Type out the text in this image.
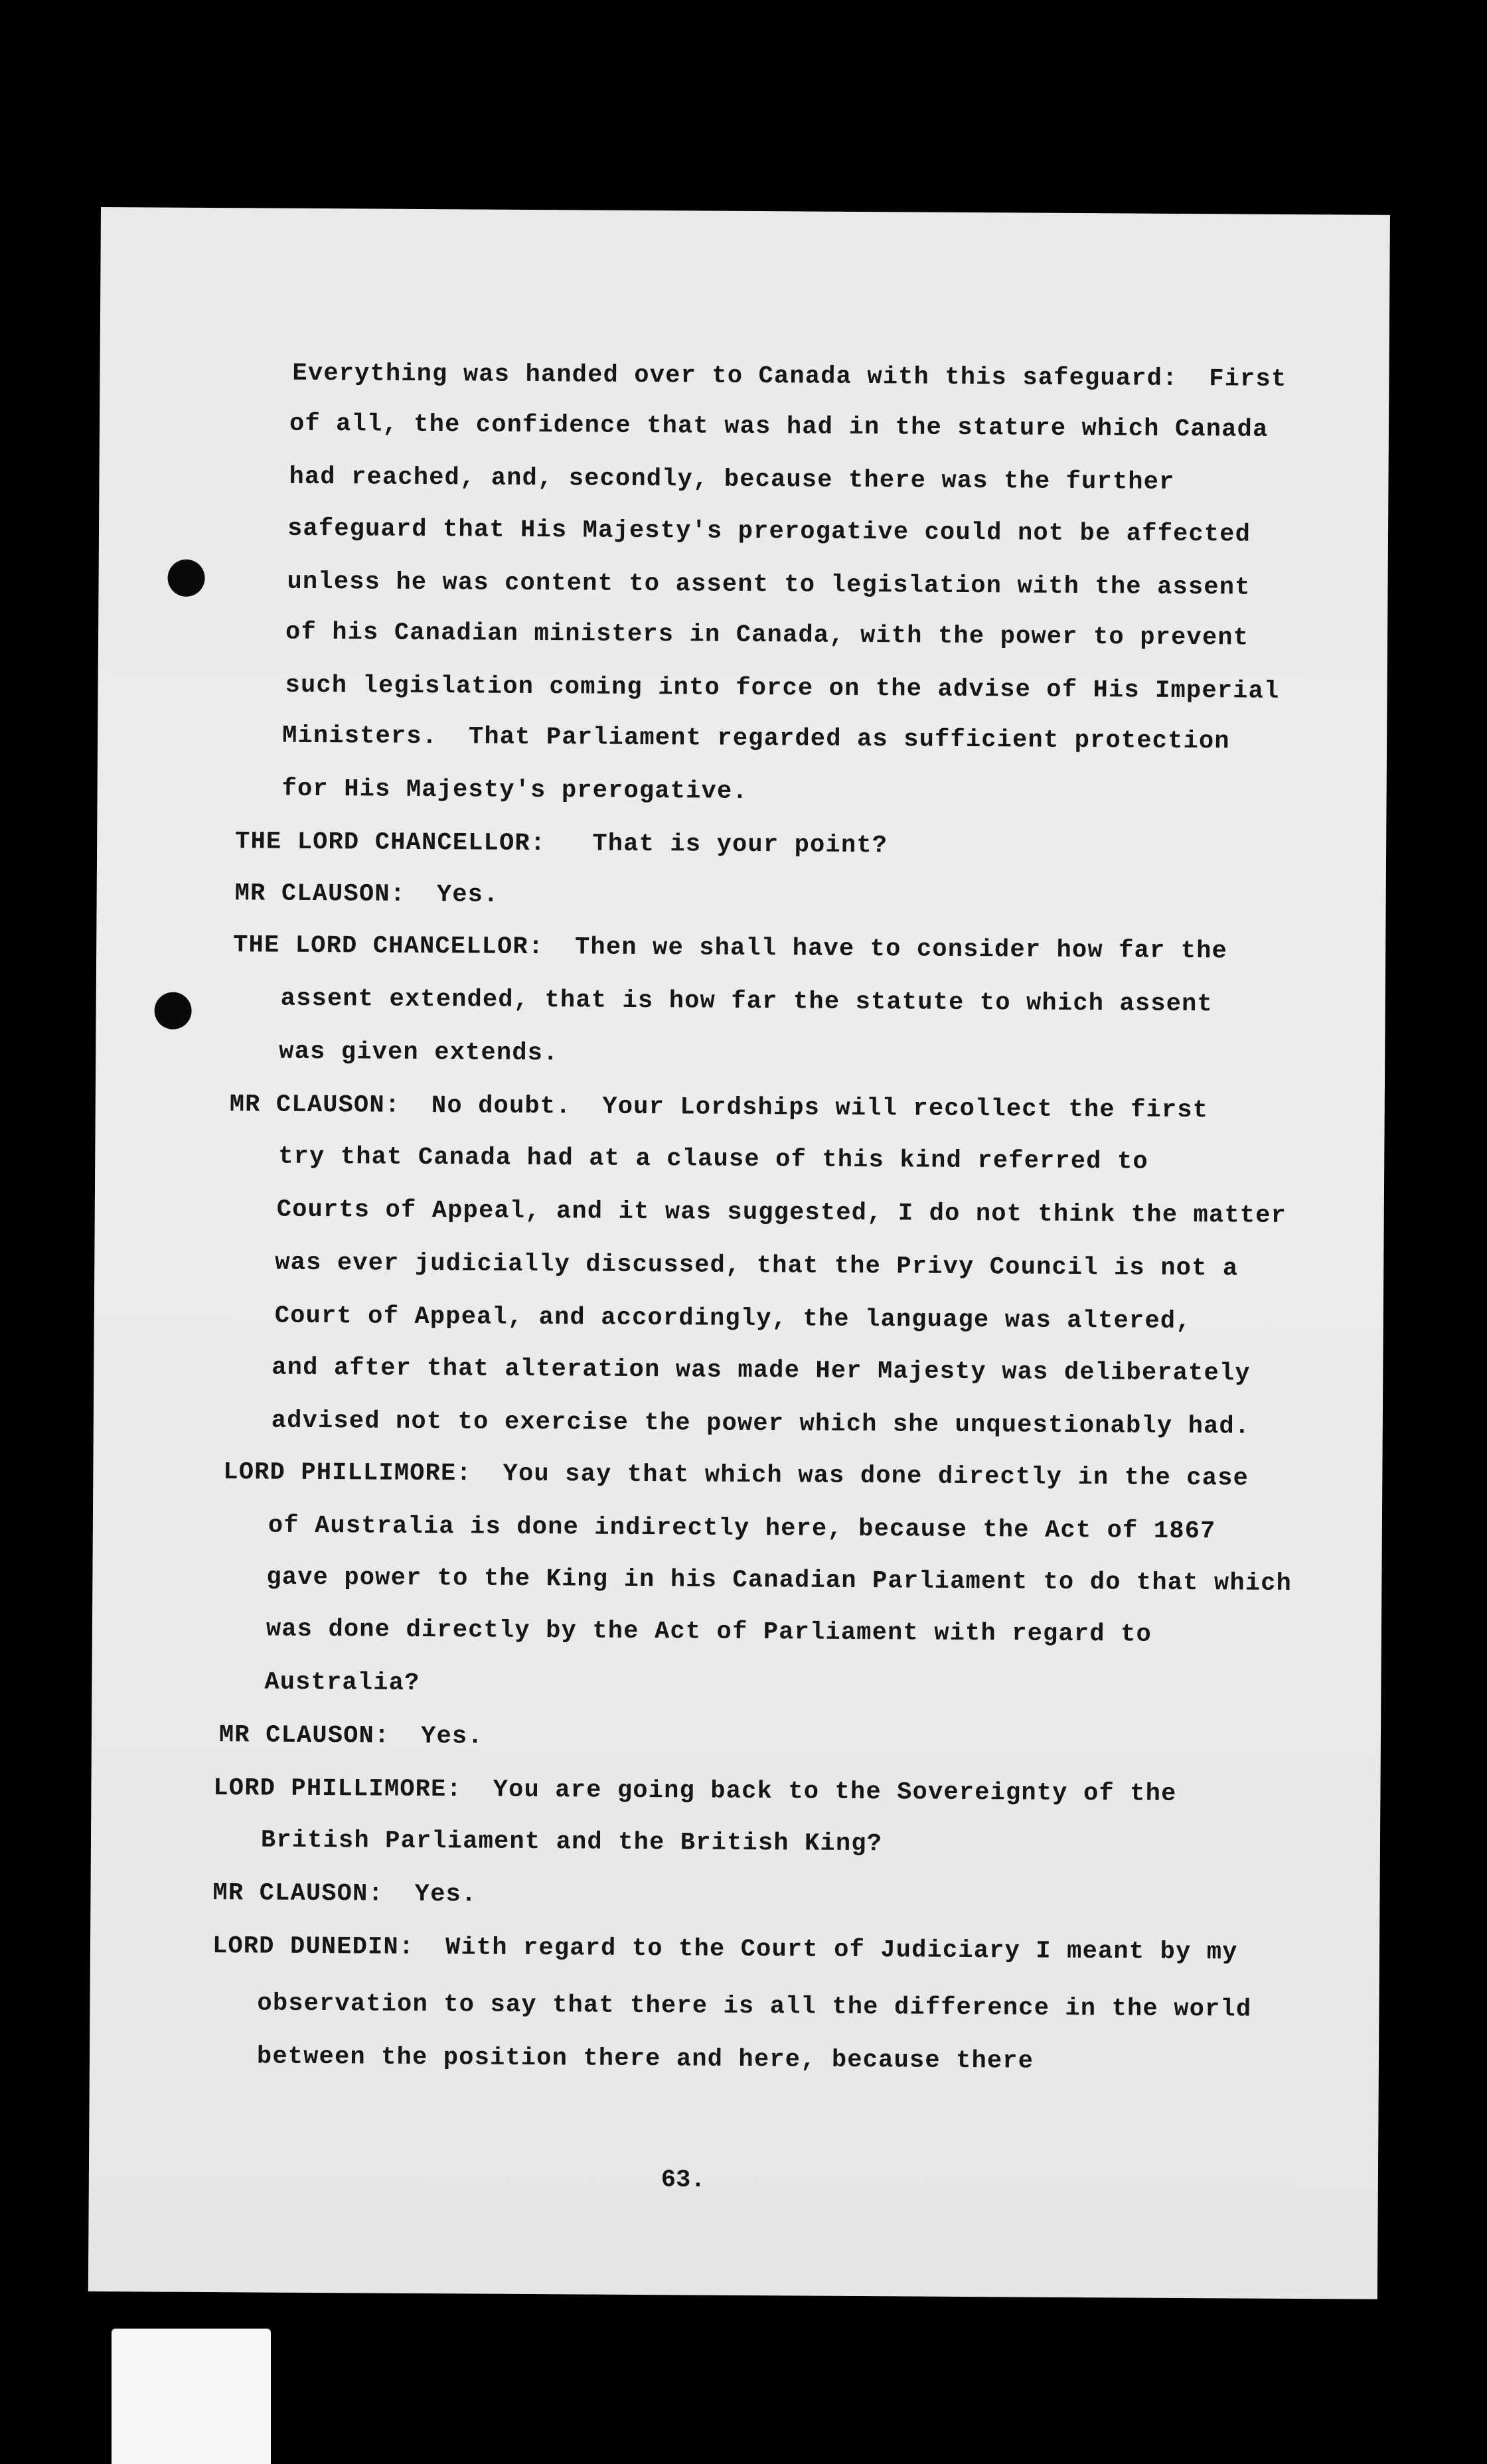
Everything was handed over to Canada with this safeguard:  First
of all, the confidence that was had in the stature which Canada
had reached, and, secondly, because there was the further
safeguard that His Majesty's prerogative could not be affected
unless he was content to assent to legislation with the assent
of his Canadian ministers in Canada, with the power to prevent
such legislation coming into force on the advise of His Imperial
Ministers.  That Parliament regarded as sufficient protection
for His Majesty's prerogative.
THE LORD CHANCELLOR:   That is your point?
MR CLAUSON:  Yes.
THE LORD CHANCELLOR:  Then we shall have to consider how far the
assent extended, that is how far the statute to which assent
was given extends.
MR CLAUSON:  No doubt.  Your Lordships will recollect the first
try that Canada had at a clause of this kind referred to
Courts of Appeal, and it was suggested, I do not think the matter
was ever judicially discussed, that the Privy Council is not a
Court of Appeal, and accordingly, the language was altered,
and after that alteration was made Her Majesty was deliberately
advised not to exercise the power which she unquestionably had.
LORD PHILLIMORE:  You say that which was done directly in the case
of Australia is done indirectly here, because the Act of 1867
gave power to the King in his Canadian Parliament to do that which
was done directly by the Act of Parliament with regard to
Australia?
MR CLAUSON:  Yes.
LORD PHILLIMORE:  You are going back to the Sovereignty of the
British Parliament and the British King?
MR CLAUSON:  Yes.
LORD DUNEDIN:  With regard to the Court of Judiciary I meant by my
observation to say that there is all the difference in the world
between the position there and here, because there
63.
